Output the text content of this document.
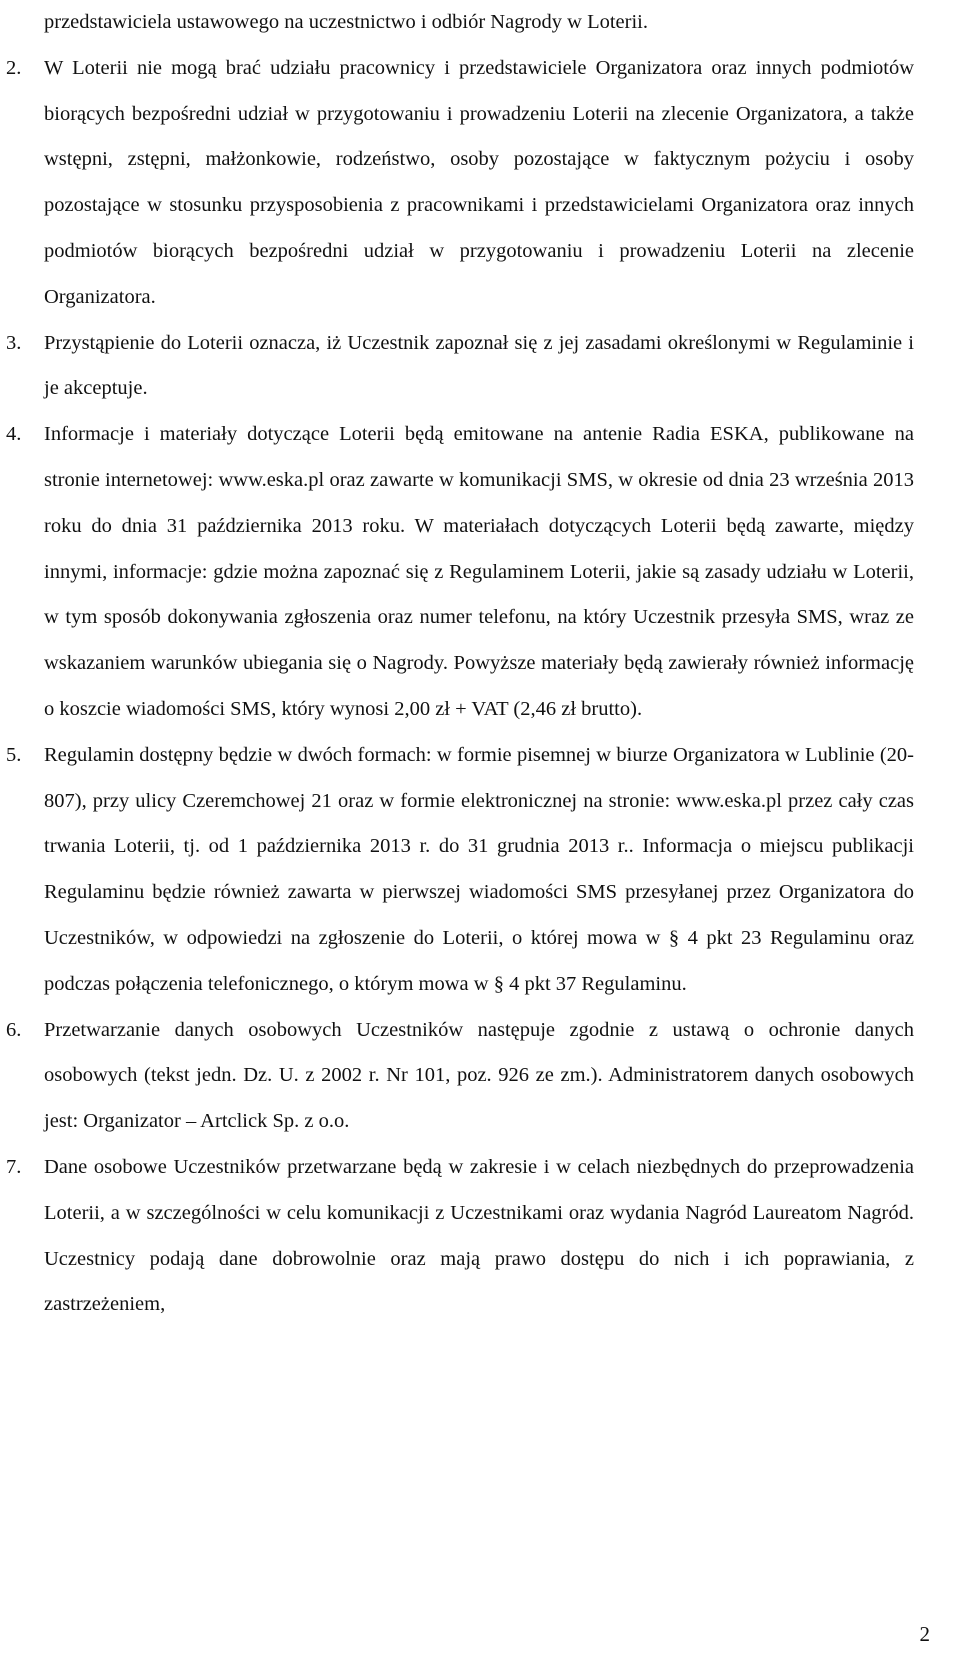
przedstawiciela ustawowego na uczestnictwo i odbiór Nagrody w Loterii.

2.	W Loterii nie mogą brać udziału pracownicy i przedstawiciele Organizatora oraz innych podmiotów biorących bezpośredni udział w przygotowaniu i prowadzeniu Loterii na zlecenie Organizatora, a także wstępni, zstępni, małżonkowie, rodzeństwo, osoby pozostające w faktycznym pożyciu i osoby pozostające w stosunku przysposobienia z pracownikami i przedstawicielami Organizatora oraz innych podmiotów biorących bezpośredni udział w przygotowaniu i prowadzeniu Loterii na zlecenie Organizatora.
3.	Przystąpienie do Loterii oznacza, iż Uczestnik zapoznał się z jej zasadami określonymi w Regulaminie i je akceptuje.
4.	Informacje i materiały dotyczące Loterii będą emitowane na antenie Radia ESKA, publikowane na stronie internetowej: www.eska.pl oraz zawarte w komunikacji SMS, w okresie od dnia 23 września 2013 roku do dnia 31 października 2013 roku. W materiałach dotyczących Loterii będą zawarte, między innymi, informacje: gdzie można zapoznać się z Regulaminem Loterii, jakie są zasady udziału w Loterii, w tym sposób dokonywania zgłoszenia oraz numer telefonu, na który Uczestnik przesyła SMS, wraz ze wskazaniem warunków ubiegania się o Nagrody. Powyższe materiały będą zawierały również informację o koszcie wiadomości SMS, który wynosi 2,00 zł + VAT (2,46 zł brutto).
5.	Regulamin dostępny będzie w dwóch formach: w formie pisemnej w biurze Organizatora w Lublinie (20-807), przy ulicy Czeremchowej 21 oraz w formie elektronicznej na stronie: www.eska.pl przez cały czas trwania Loterii, tj. od 1 października 2013 r. do 31 grudnia 2013 r.. Informacja o miejscu publikacji Regulaminu będzie również zawarta w pierwszej wiadomości SMS przesyłanej przez Organizatora do Uczestników, w odpowiedzi na zgłoszenie do Loterii, o której mowa w § 4 pkt 23 Regulaminu oraz podczas połączenia telefonicznego, o którym mowa w § 4 pkt 37 Regulaminu.
6.	Przetwarzanie danych osobowych Uczestników następuje zgodnie z ustawą o ochronie danych osobowych (tekst jedn. Dz. U. z 2002 r. Nr 101, poz. 926 ze zm.). Administratorem danych osobowych jest: Organizator – Artclick Sp. z o.o.
7.	Dane osobowe Uczestników przetwarzane będą w zakresie i w celach niezbędnych do przeprowadzenia Loterii, a w szczególności w celu komunikacji z Uczestnikami oraz wydania Nagród Laureatom Nagród. Uczestnicy podają dane dobrowolnie oraz mają prawo dostępu do nich i ich poprawiania, z zastrzeżeniem,
2
